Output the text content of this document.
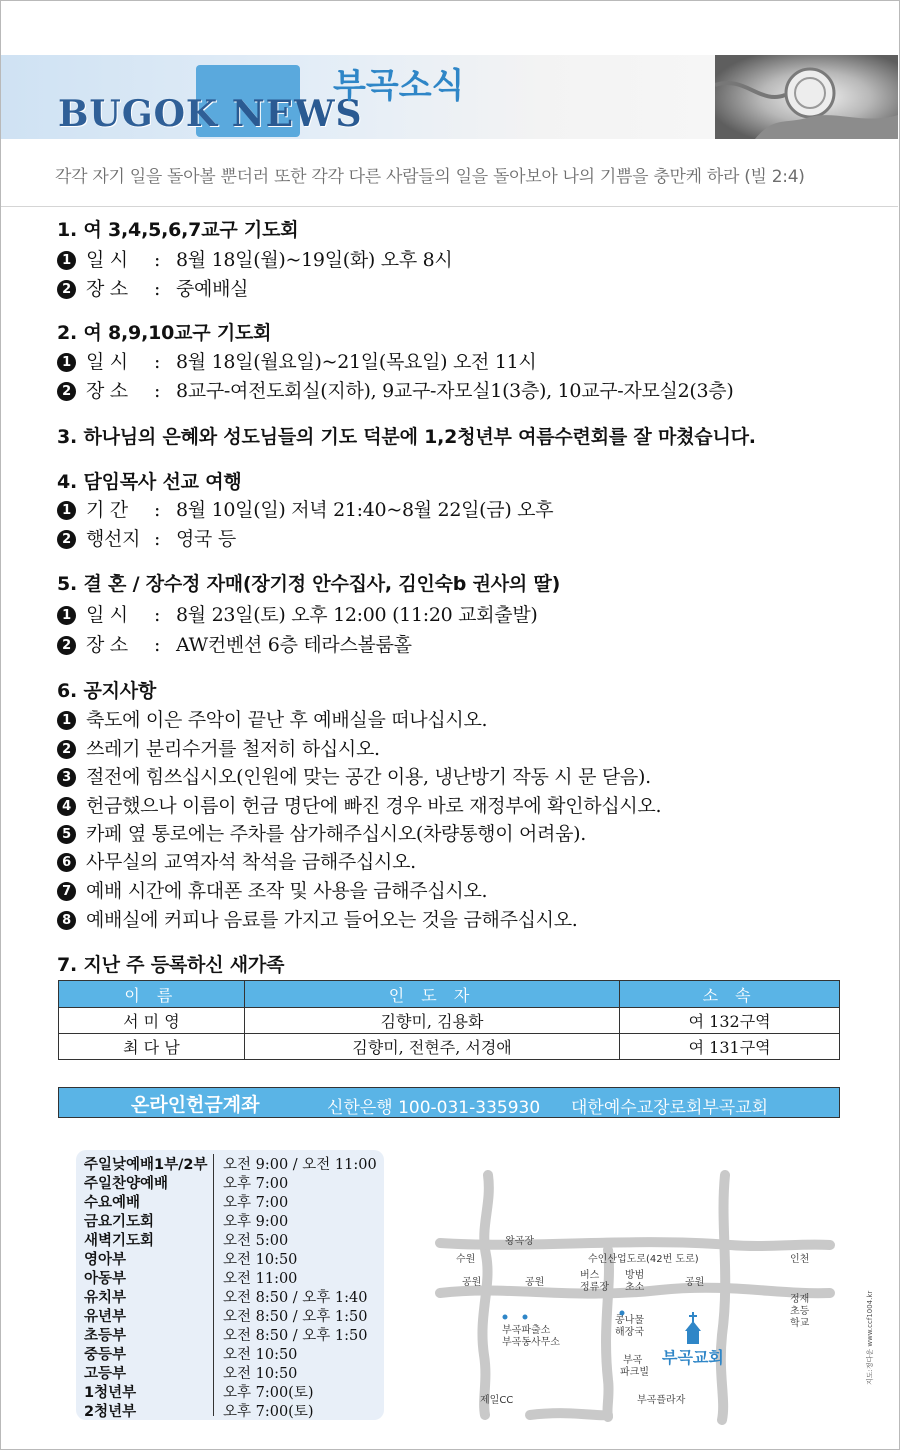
BUGOK NEWS
부곡소식
각각 자기 일을 돌아볼 뿐더러 또한 각각 다른 사람들의 일을 돌아보아 나의 기쁨을 충만케 하라 (빌 2:4)
1. 여 3,4,5,6,7교구 기도회
1 일 시 : 8월 18일(월)~19일(화) 오후 8시
2 장 소 : 중예배실
2. 여 8,9,10교구 기도회
1 일 시 : 8월 18일(월요일)~21일(목요일) 오전 11시
2 장 소 : 8교구-여전도회실(지하), 9교구-자모실1(3층), 10교구-자모실2(3층)
3. 하나님의 은혜와 성도님들의 기도 덕분에 1,2청년부 여름수련회를 잘 마쳤습니다.
4. 담임목사 선교 여행
1 기 간 : 8월 10일(일) 저녁 21:40~8월 22일(금) 오후
2 행선지 : 영국 등
5. 결 혼 / 장수정 자매(장기정 안수집사, 김인숙b 권사의 딸)
1 일 시 : 8월 23일(토) 오후 12:00 (11:20 교회출발)
2 장 소 : AW컨벤션 6층 테라스볼룸홀
6. 공지사항
1 축도에 이은 주악이 끝난 후 예배실을 떠나십시오.
2 쓰레기 분리수거를 철저히 하십시오.
3 절전에 힘쓰십시오(인원에 맞는 공간 이용, 냉난방기 작동 시 문 닫음).
4 헌금했으나 이름이 헌금 명단에 빠진 경우 바로 재정부에 확인하십시오.
5 카페 옆 통로에는 주차를 삼가해주십시오(차량통행이 어려움).
6 사무실의 교역자석 착석을 금해주십시오.
7 예배 시간에 휴대폰 조작 및 사용을 금해주십시오.
8 예배실에 커피나 음료를 가지고 들어오는 것을 금해주십시오.
7. 지난 주 등록하신 새가족
이 름	인 도 자	소 속
서 미 영	김향미, 김용화	여 132구역
최 다 남	김향미, 전현주, 서경애	여 131구역
온라인헌금계좌	신한은행 100-031-335930 대한예수교장로회부곡교회
주일낮예배1부/2부 오전 9:00 / 오전 11:00
주일찬양예배	오후 7:00
수요예배	오후 7:00
금요기도회	오후 9:00
새벽기도회	오전 5:00
영아부	오전 10:50
아동부	오전 11:00
유치부	오전 8:50 / 오후 1:40
유년부	오전 8:50 / 오후 1:50
초등부	오전 8:50 / 오후 1:50
중등부	오전 10:50
고등부	오전 10:50
1청년부	오후 7:00(토)
2청년부	오후 7:00(토)
왕곡장
수원
공원	공원	공원
수인산업도로(42번 도로)
버스
정류장
방범
초소
인천
정재
초등
학교
부곡파출소
부곡동사무소
콩나물
해장국
부곡
파크빌
제일CC	부곡플라자
부곡교회	지도:정다운 www.ccf1004.kr
